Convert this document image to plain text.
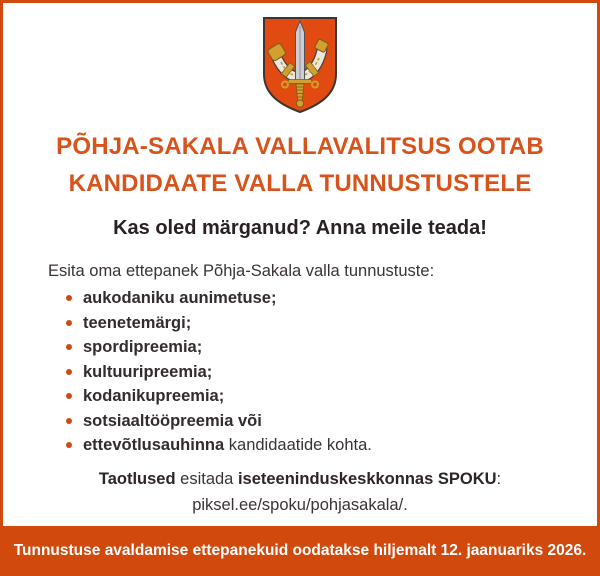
PÕHJA-SAKALA VALLAVALITSUS OOTAB
KANDIDAATE VALLA TUNNUSTUSTELE
Kas oled märganud? Anna meile teada!
Esita oma ettepanek Põhja-Sakala valla tunnustuste:
aukodaniku aunimetuse;
teenetemärgi;
spordipreemia;
kultuuripreemia;
kodanikupreemia;
sotsiaaltööpreemia või
ettevõtlusauhinna kandidaatide kohta.
Taotlused esitada iseteeninduskeskkonnas SPOKU:
piksel.ee/spoku/pohjasakala/.
Tunnustuse avaldamise ettepanekuid oodatakse hiljemalt 12. jaanuariks 2026.
